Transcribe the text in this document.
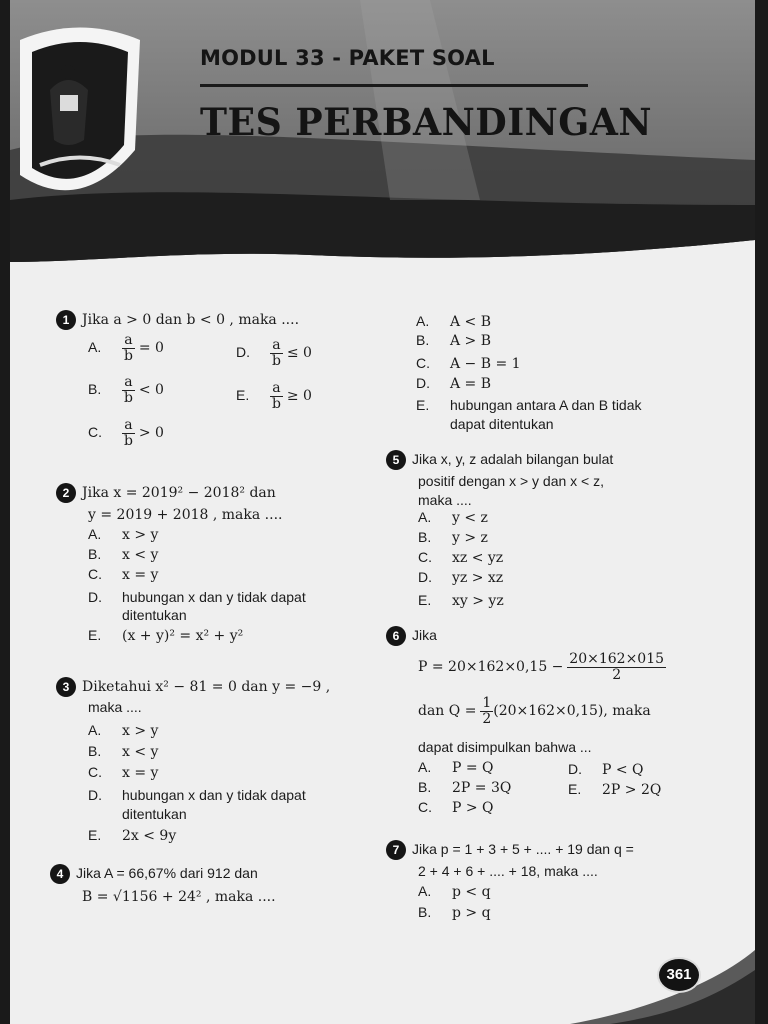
MODUL 33 - PAKET SOAL
TES PERBANDINGAN
1 Jika a > 0 dan b < 0 , maka ....
A. $\frac{a}{b} = 0$
B. $\frac{a}{b} < 0$
C. $\frac{a}{b} > 0$
D. $\frac{a}{b} \le 0$
E. $\frac{a}{b} \ge 0$
2 Jika x = 2019² − 2018² dan
y = 2019 + 2018 , maka ....
A. x > y
B. x < y
C. x = y
D. hubungan x dan y tidak dapat
ditentukan
E. (x + y)² = x² + y²
3 Diketahui x² − 81 = 0 dan y = −9 ,
maka ....
A. x > y
B. x < y
C. x = y
D. hubungan x dan y tidak dapat
ditentukan
E. 2x < 9y
4 Jika A = 66,67% dari 912 dan
B = √1156 + 24² , maka ....
A. A < B
B. A > B
C. A − B = 1
D. A = B
E. hubungan antara A dan B tidak
dapat ditentukan
5 Jika x, y, z adalah bilangan bulat
positif dengan x > y dan x < z,
maka ....
A. y < z
B. y > z
C. xz < yz
D. yz > xz
E. xy > yz
6 Jika
$P = 20\times 162\times 0,15 - \frac{20\times 162\times 015}{2}$
dan $Q = \frac{1}{2} (20\times 162\times 0,15)$, maka
dapat disimpulkan bahwa ...
A. P = Q
B. 2P = 3Q
C. P > Q
D. P < Q
E. 2P > 2Q
7 Jika p = 1 + 3 + 5 + .... + 19 dan q =
2 + 4 + 6 + .... + 18, maka ....
A. p < q
B. p > q
361
